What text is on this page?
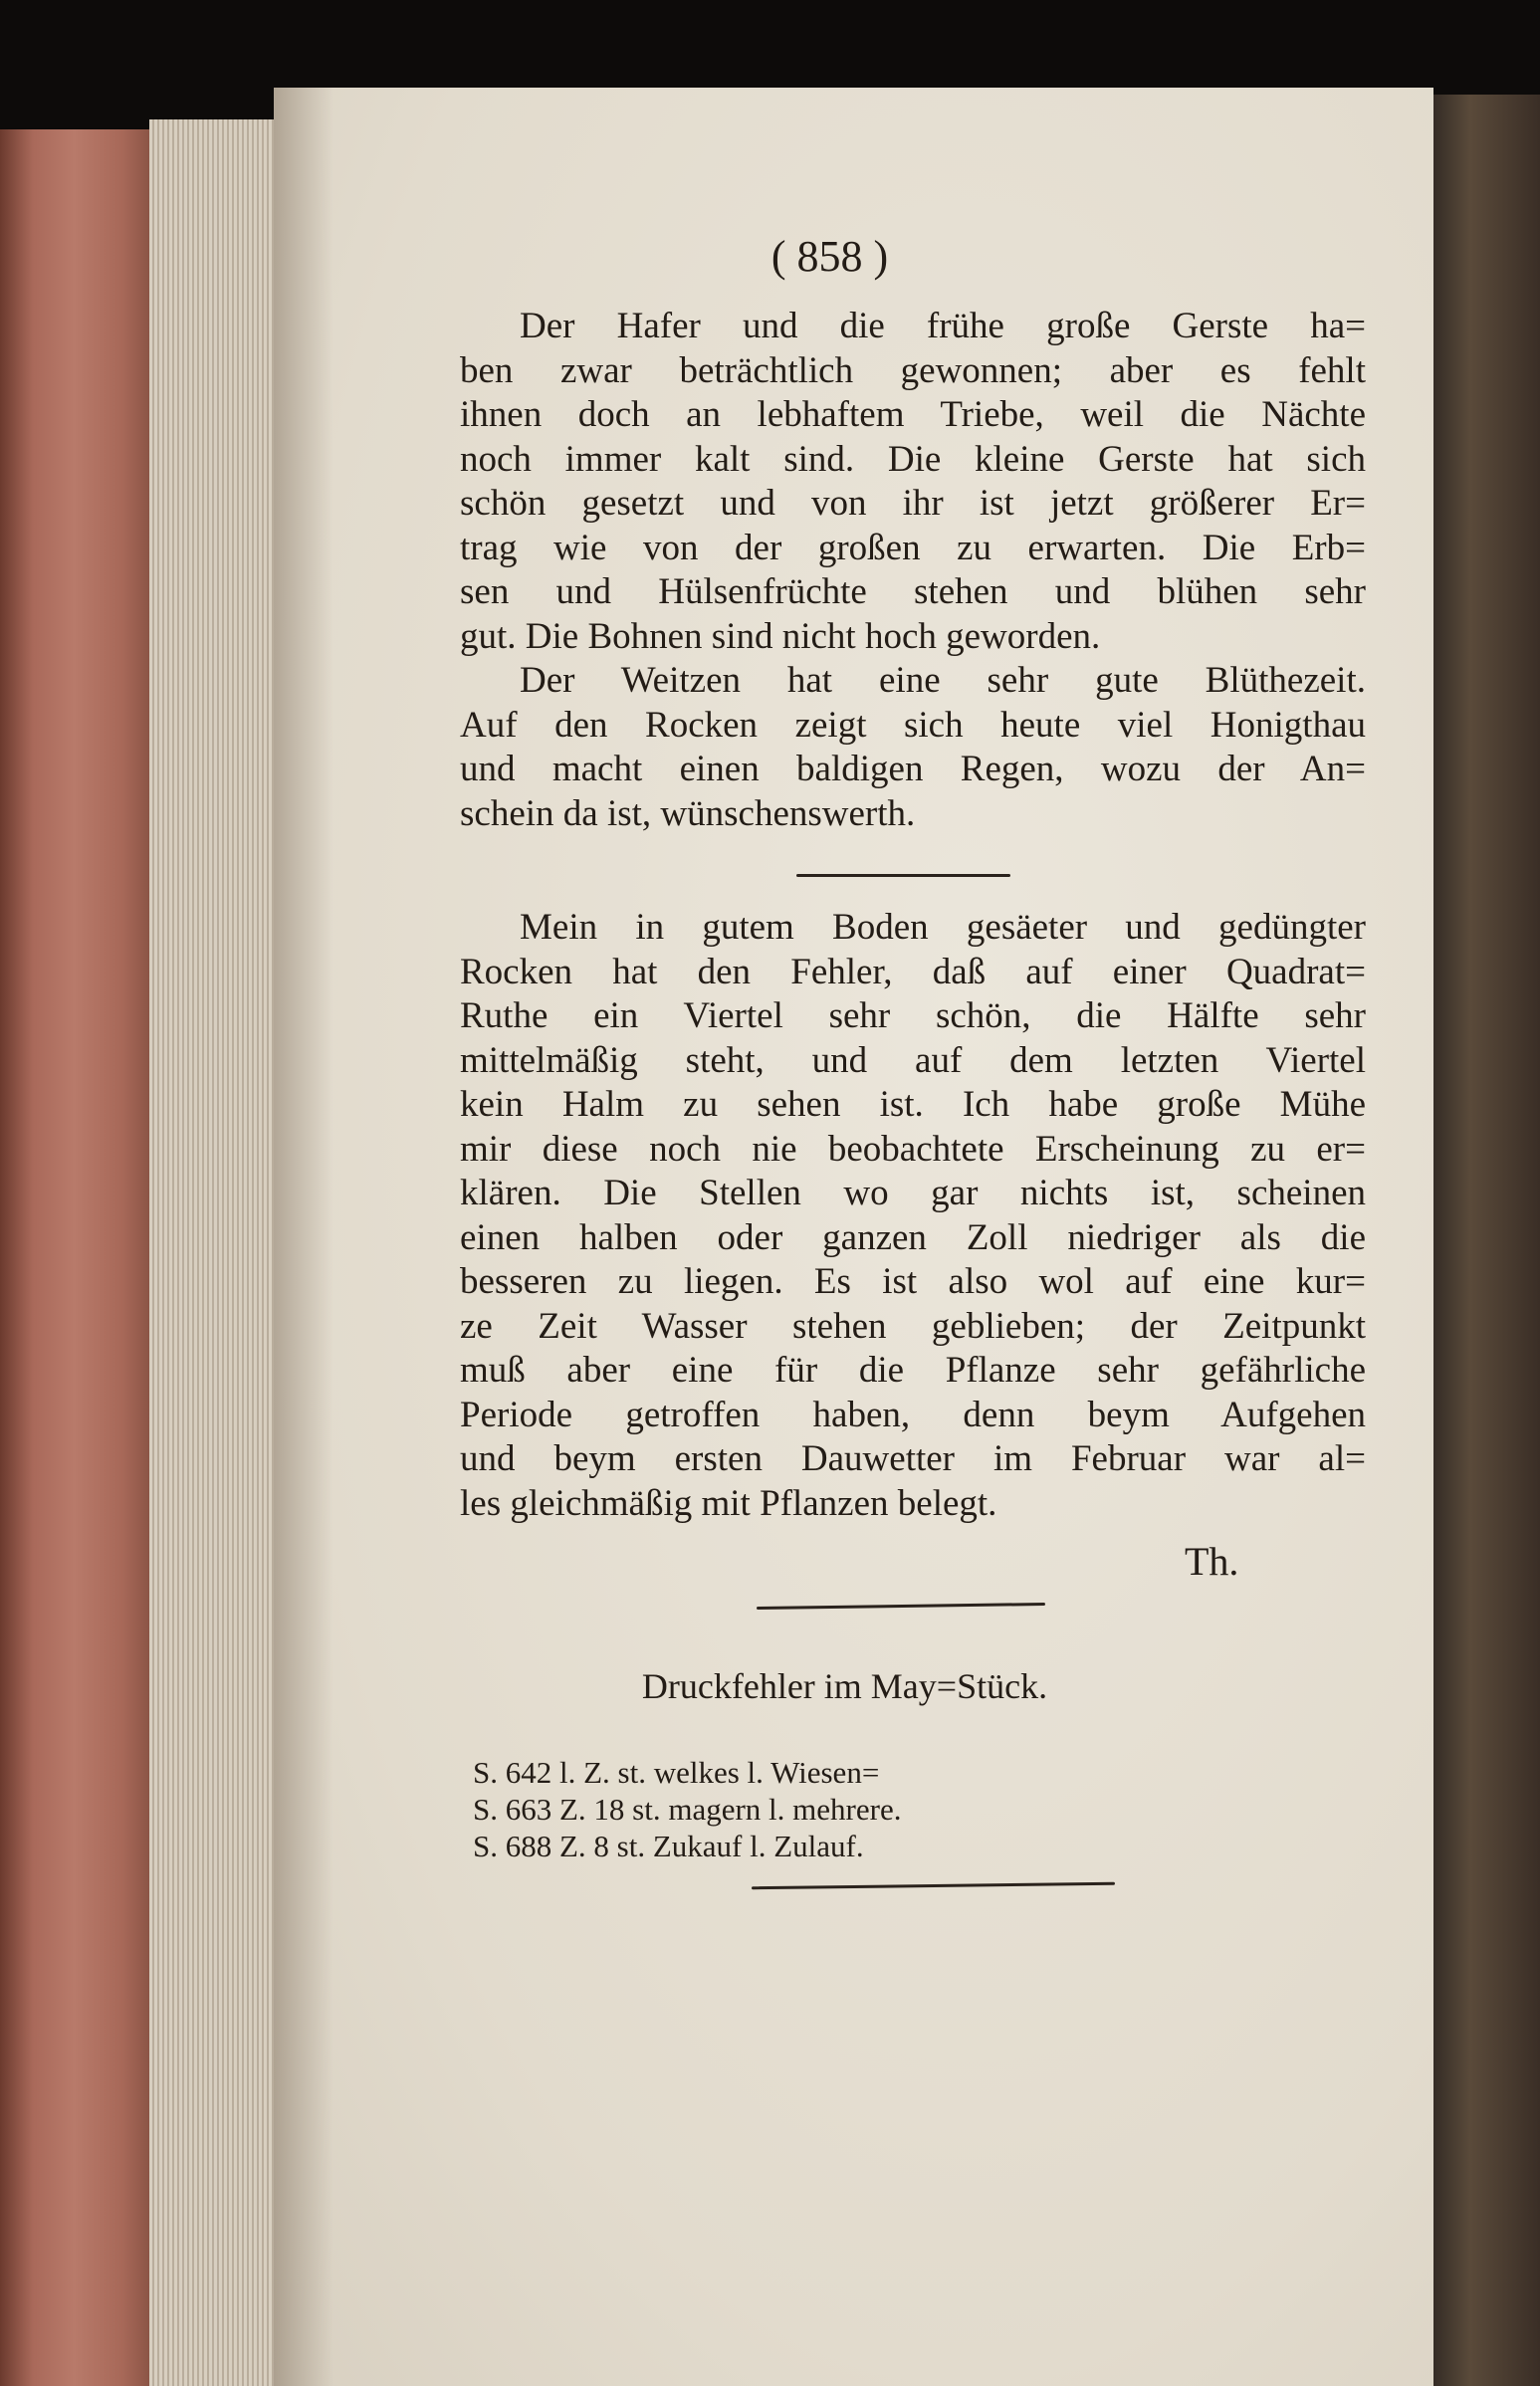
( 858 )
Der Hafer und die frühe große Gerste ha=
ben zwar beträchtlich gewonnen; aber es fehlt
ihnen doch an lebhaftem Triebe, weil die Nächte
noch immer kalt sind. Die kleine Gerste hat sich
schön gesetzt und von ihr ist jetzt größerer Er=
trag wie von der großen zu erwarten. Die Erb=
sen und Hülsenfrüchte stehen und blühen sehr
gut. Die Bohnen sind nicht hoch geworden.
Der Weitzen hat eine sehr gute Blüthezeit.
Auf den Rocken zeigt sich heute viel Honigthau
und macht einen baldigen Regen, wozu der An=
schein da ist, wünschenswerth.
Mein in gutem Boden gesäeter und gedüngter
Rocken hat den Fehler, daß auf einer Quadrat=
Ruthe ein Viertel sehr schön, die Hälfte sehr
mittelmäßig steht, und auf dem letzten Viertel
kein Halm zu sehen ist. Ich habe große Mühe
mir diese noch nie beobachtete Erscheinung zu er=
klären. Die Stellen wo gar nichts ist, scheinen
einen halben oder ganzen Zoll niedriger als die
besseren zu liegen. Es ist also wol auf eine kur=
ze Zeit Wasser stehen geblieben; der Zeitpunkt
muß aber eine für die Pflanze sehr gefährliche
Periode getroffen haben, denn beym Aufgehen
und beym ersten Dauwetter im Februar war al=
les gleichmäßig mit Pflanzen belegt.
Th.
Druckfehler im May=Stück.
S. 642 l. Z. st. welkes l. Wiesen=
S. 663 Z. 18 st. magern l. mehrere.
S. 688 Z. 8 st. Zukauf l. Zulauf.
